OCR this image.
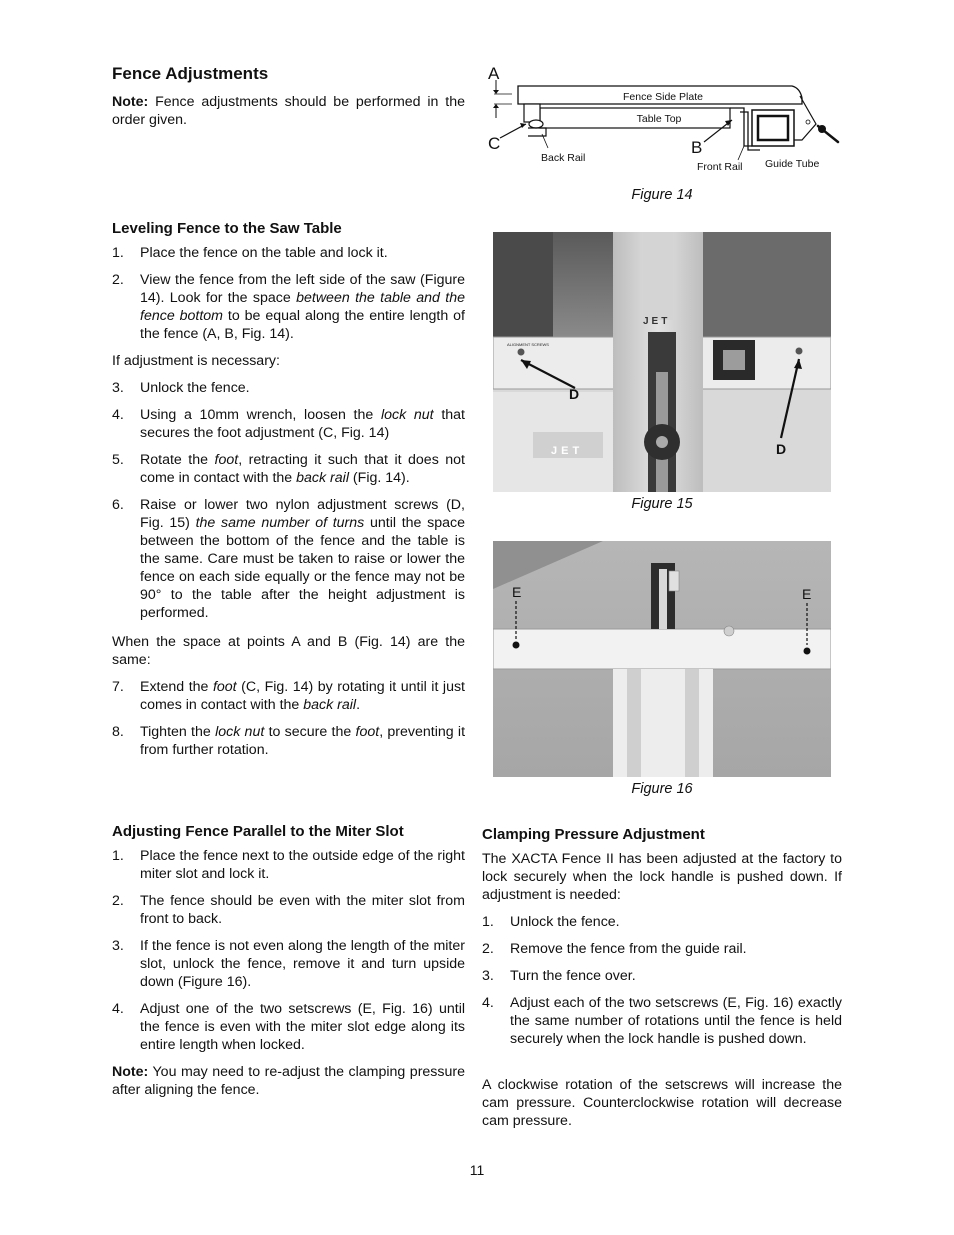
Fence Adjustments
Note: Fence adjustments should be performed in the order given.
Leveling Fence to the Saw Table
1. Place the fence on the table and lock it.
2. View the fence from the left side of the saw (Figure 14). Look for the space between the table and the fence bottom to be equal along the entire length of the fence (A, B, Fig. 14).
If adjustment is necessary:
3. Unlock the fence.
4. Using a 10mm wrench, loosen the lock nut that secures the foot adjustment (C, Fig. 14)
5. Rotate the foot, retracting it such that it does not come in contact with the back rail (Fig. 14).
6. Raise or lower two nylon adjustment screws (D, Fig. 15) the same number of turns until the space between the bottom of the fence and the table is the same. Care must be taken to raise or lower the fence on each side equally or the fence may not be 90° to the table after the height adjustment is performed.
When the space at points A and B (Fig. 14) are the same:
7. Extend the foot (C, Fig. 14) by rotating it until it just comes in contact with the back rail.
8. Tighten the lock nut to secure the foot, preventing it from further rotation.
Adjusting Fence Parallel to the Miter Slot
1. Place the fence next to the outside edge of the right miter slot and lock it.
2. The fence should be even with the miter slot from front to back.
3. If the fence is not even along the length of the miter slot, unlock the fence, remove it and turn upside down (Figure 16).
4. Adjust one of the two setscrews (E, Fig. 16) until the fence is even with the miter slot edge along its entire length when locked.
Note: You may need to re-adjust the clamping pressure after aligning the fence.
A
C	B
Fence Side Plate
Table Top
Back Rail
Front Rail Guide Tube
Figure 14
D
D
JET
JET
ALIGNMENT SCREWS
Figure 15
E	E
Figure 16
Clamping Pressure Adjustment
The XACTA Fence II has been adjusted at the factory to lock securely when the lock handle is pushed down. If adjustment is needed:
1. Unlock the fence.
2. Remove the fence from the guide rail.
3. Turn the fence over.
4. Adjust each of the two setscrews (E, Fig. 16) exactly the same number of rotations until the fence is held securely when the lock handle is pushed down.
A clockwise rotation of the setscrews will increase the cam pressure. Counterclockwise rotation will decrease cam pressure.
11
